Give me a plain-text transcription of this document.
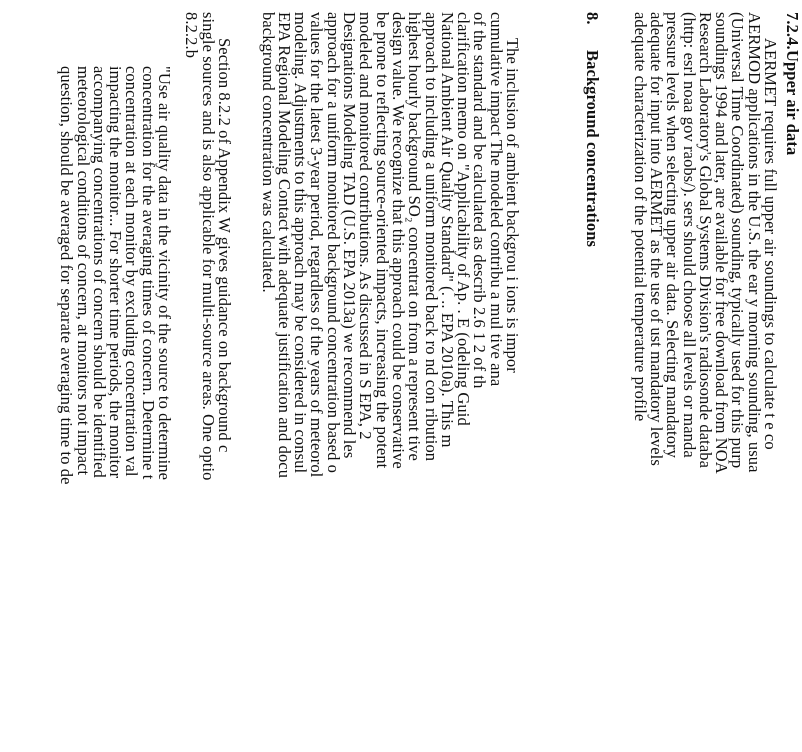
7.2.4.Upper air data
AERMET requires full upper air soundings to calculate t e co
AERMOD applications in the U.S. the ear y morning sounding, usua
(Universal Time Coordinated) sounding, typically used for this purp
soundings 1994 and later, are available for free download from NOA
Research Laboratory's Global Systems Division's radiosonde databa
(http: esrl noaa gov raobs/). sers should choose all levels or manda
pressure levels when selecting upper air data. Selecting mandatory
adequate for input into AERMET as the use of ust mandatory levels
adequate characterization of the potential temperature profile
8.Background concentrations
The inclusion of ambient backgrou i ions is impor
cumulative impact The modeled contribu a mul tive ana
of the standard and be calculated as describ 2.6 1 2 of th
clarification memo on "Applicability of Ap. . E (odeling Guid
National Ambient Air Quality Standard" (. .. EPA 2010a). This m
approach to including a uniform monitored back ro nd con ribution
highest hourly background SO₂ concentrat on from a represent tive
design value. We recognize that this approach could be conservative
be prone to reflecting source-oriented impacts, increasing the potent
modeled and monitored contributions. As discussed in S EPA, 2
Designations Modeling TAD (U.S. EPA 2013a) we recommend les
approach for a uniform monitored background concentration based o
values for the latest 3-year period, regardless of the years of meteorol
modeling. Adjustments to this approach may be considered in consul
EPA Regional Modeling Contact with adequate justification and docu
background concentration was calculated.
Section 8.2.2 of Appendix W gives guidance on background c
single sources and is also applicable for multi-source areas. One optio
8.2.2.b
"Use air quality data in the vicinity of the source to determine
concentration for the averaging times of concern. Determine t
concentration at each monitor by excluding concentration val
impacting the monitor... For shorter time periods, the monitor
accompanying concentrations of concern should be identified
meteorological conditions of concern, at monitors not impact
question, should be averaged for separate averaging time to de
